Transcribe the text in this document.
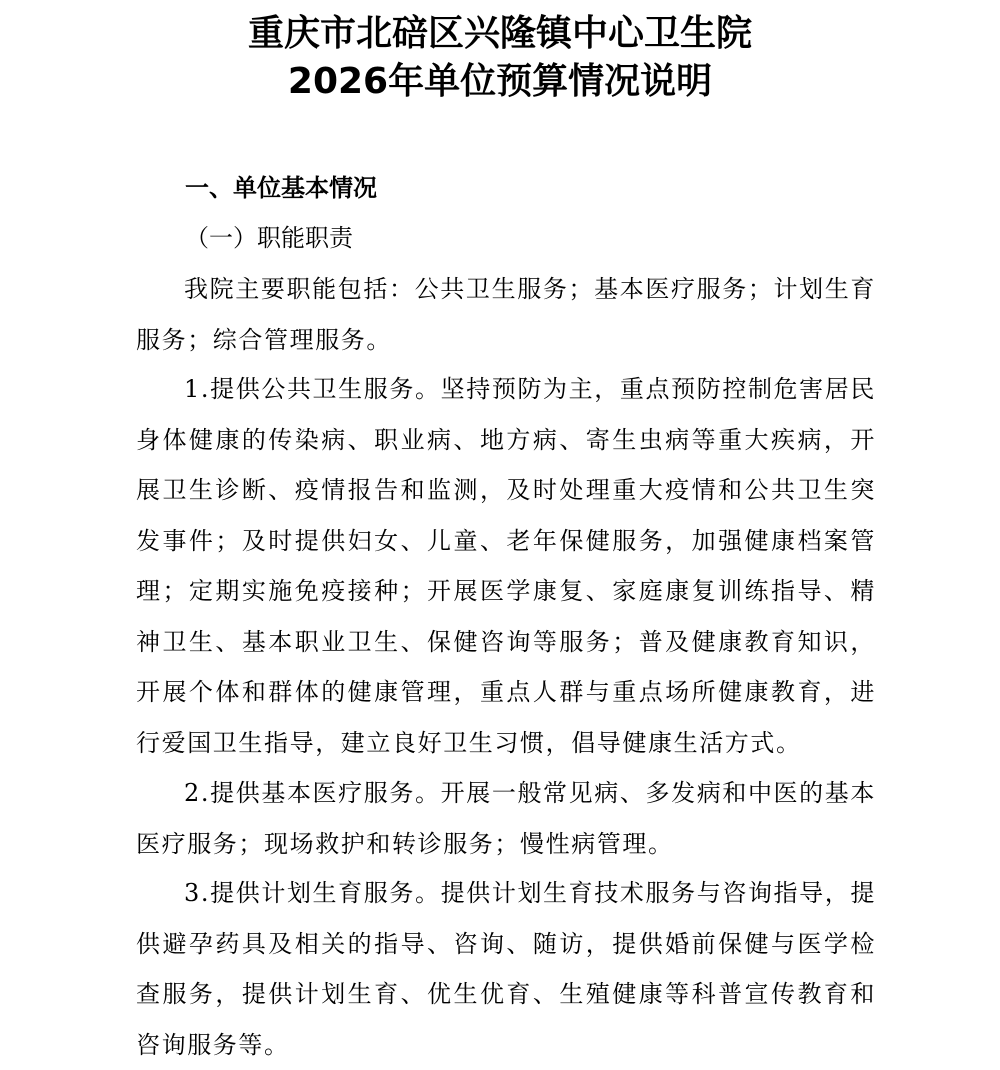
重庆市北碚区兴隆镇中心卫生院
2026年单位预算情况说明
一、单位基本情况
（一）职能职责

我院主要职能包括：公共卫生服务；基本医疗服务；计划生育服务；综合管理服务。

1.提供公共卫生服务。坚持预防为主，重点预防控制危害居民身体健康的传染病、职业病、地方病、寄生虫病等重大疾病，开展卫生诊断、疫情报告和监测，及时处理重大疫情和公共卫生突发事件；及时提供妇女、儿童、老年保健服务，加强健康档案管理；定期实施免疫接种；开展医学康复、家庭康复训练指导、精神卫生、基本职业卫生、保健咨询等服务；普及健康教育知识，开展个体和群体的健康管理，重点人群与重点场所健康教育，进行爱国卫生指导，建立良好卫生习惯，倡导健康生活方式。

2.提供基本医疗服务。开展一般常见病、多发病和中医的基本医疗服务；现场救护和转诊服务；慢性病管理。

3.提供计划生育服务。提供计划生育技术服务与咨询指导，提供避孕药具及相关的指导、咨询、随访，提供婚前保健与医学检查服务，提供计划生育、优生优育、生殖健康等科普宣传教育和咨询服务等。
